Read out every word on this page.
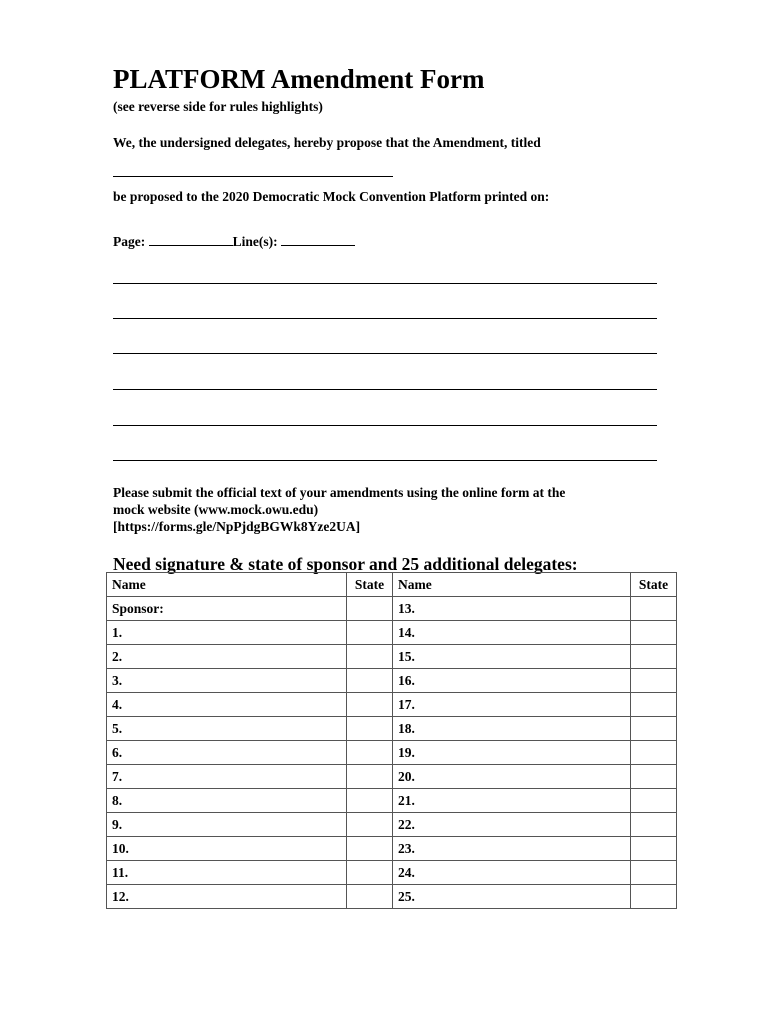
PLATFORM Amendment Form
(see reverse side for rules highlights)
We, the undersigned delegates, hereby propose that the Amendment, titled
be proposed to the 2020 Democratic Mock Convention Platform printed on:
Page:	Line(s):
Please submit the official text of your amendments using the online form at the
mock website (www.mock.owu.edu)
[https://forms.gle/NpPjdgBGWk8Yze2UA]
Need signature & state of sponsor and 25 additional delegates:
Name	State	Name	State
Sponsor:		13.	
1.		14.	
2.		15.	
3.		16.	
4.		17.	
5.		18.	
6.		19.	
7.		20.	
8.		21.	
9.		22.	
10.		23.	
11.		24.	
12.		25.	
